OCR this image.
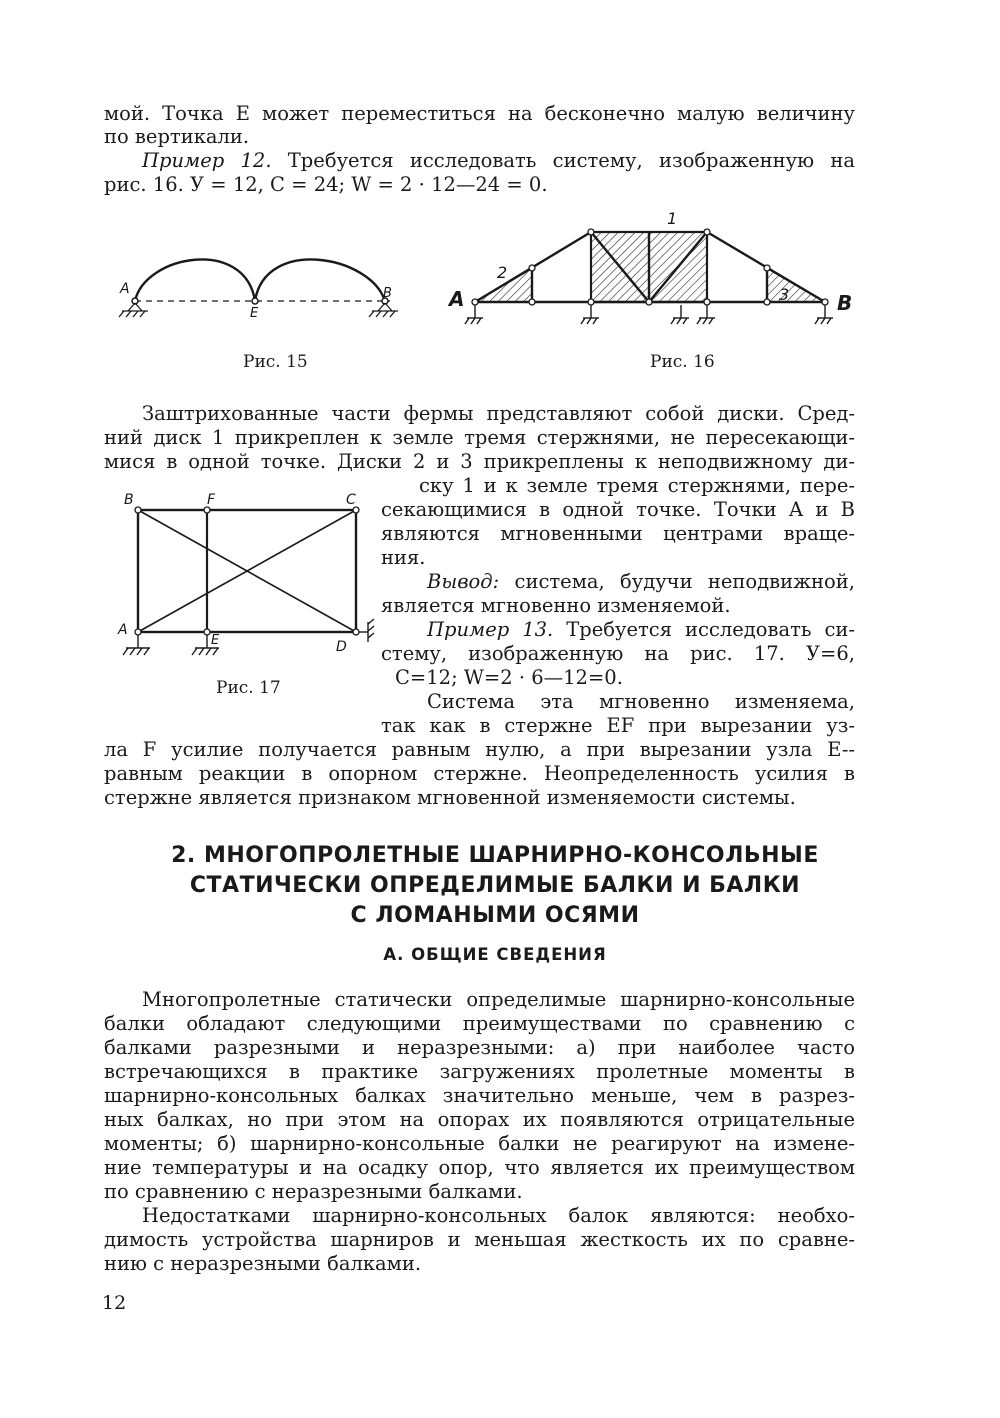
мой. Точка E может переместиться на бесконечно малую величину
по вертикали.
Пример 12. Требуется исследовать систему, изображенную на
рис. 16. У = 12, С = 24; W = 2 · 12—24 = 0.
A
E
B
Рис. 15
A	B
1
2
3
Рис. 16
Заштрихованные части фермы представляют собой диски. Сред-
ний диск 1 прикреплен к земле тремя стержнями, не пересекающи-
мися в одной точке. Диски 2 и 3 прикреплены к неподвижному ди-
ску 1 и к земле тремя стержнями, пере-
секающимися в одной точке. Точки A и B
являются мгновенными центрами враще-
ния.
Вывод: система, будучи неподвижной,
является мгновенно изменяемой.
Пример 13. Требуется исследовать си-
стему, изображенную на рис. 17. У=6,
С=12; W=2 · 6—12=0.
B	F	C
A
E	D
Рис. 17
Система эта мгновенно изменяема,
так как в стержне EF при вырезании уз-
ла F усилие получается равным нулю, а при вырезании узла E--
равным реакции в опорном стержне. Неопределенность усилия в
стержне является признаком мгновенной изменяемости системы.
2. МНОГОПРОЛЕТНЫЕ ШАРНИРНО-КОНСОЛЬНЫЕ
СТАТИЧЕСКИ ОПРЕДЕЛИМЫЕ БАЛКИ И БАЛКИ
С ЛОМАНЫМИ ОСЯМИ
А. ОБЩИЕ СВЕДЕНИЯ
Многопролетные статически определимые шарнирно-консольные
балки обладают следующими преимуществами по сравнению с
балками разрезными и неразрезными: а) при наиболее часто
встречающихся в практике загружениях пролетные моменты в
шарнирно-консольных балках значительно меньше, чем в разрез-
ных балках, но при этом на опорах их появляются отрицательные
моменты; б) шарнирно-консольные балки не реагируют на измене-
ние температуры и на осадку опор, что является их преимуществом
по сравнению с неразрезными балками.
Недостатками шарнирно-консольных балок являются: необхо-
димость устройства шарниров и меньшая жесткость их по сравне-
нию с неразрезными балками.
12
